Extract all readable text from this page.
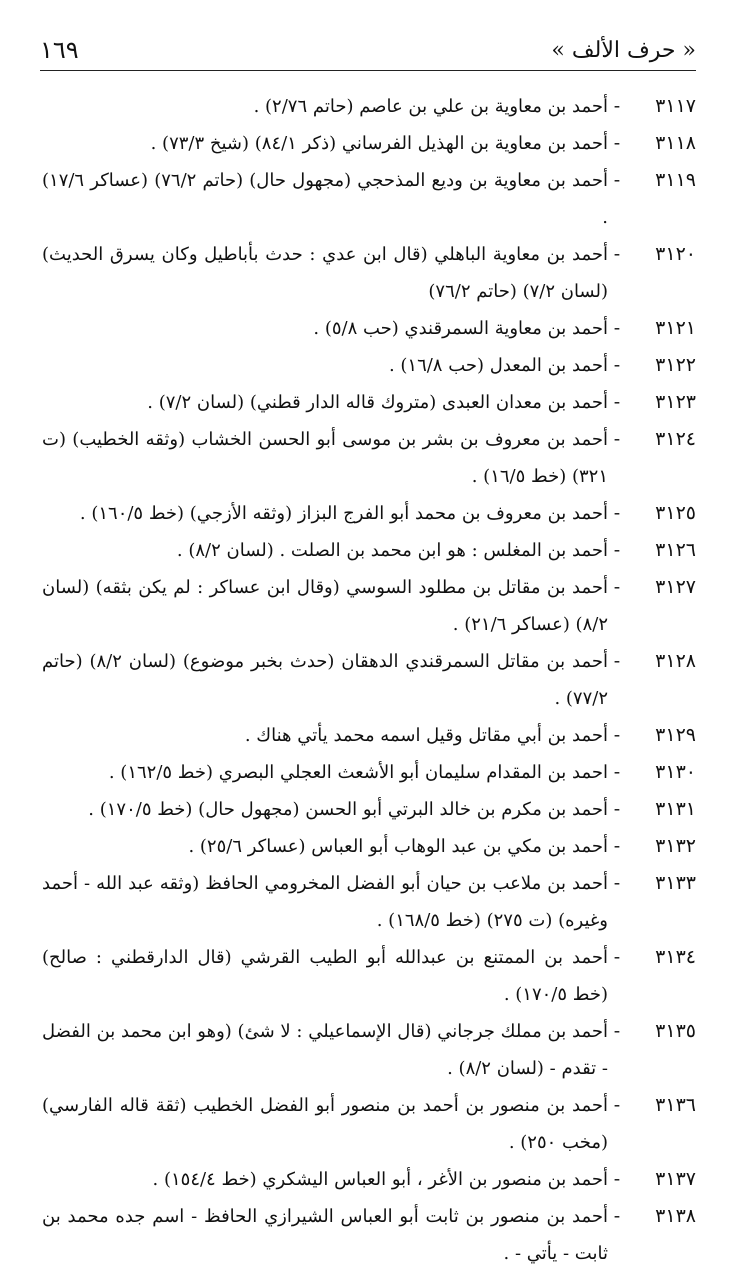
« حرف الألف »
١٦٩
٣١١٧
-
أحمد بن معاوية بن علي بن عاصم (حاتم ٢/٧٦) .
٣١١٨
-
أحمد بن معاوية بن الهذيل الفرساني (ذكر ٨٤/١) (شيخ ٧٣/٣) .
٣١١٩
-
أحمد بن معاوية بن وديع المذحجي (مجهول حال) (حاتم ٧٦/٢) (عساكر ١٧/٦) .
٣١٢٠
-
أحمد بن معاوية الباهلي (قال ابن عدي : حدث بأباطيل وكان يسرق الحديث) (لسان ٧/٢) (حاتم ٧٦/٢)
٣١٢١
-
أحمد بن معاوية السمرقندي (حب ٥/٨) .
٣١٢٢
-
أحمد بن المعدل (حب ١٦/٨) .
٣١٢٣
-
أحمد بن معدان العبدى (متروك قاله الدار قطني) (لسان ٧/٢) .
٣١٢٤
-
أحمد بن معروف بن بشر بن موسى أبو الحسن الخشاب (وثقه الخطيب) (ت ٣٢١) (خط ١٦/٥) .
٣١٢٥
-
أحمد بن معروف بن محمد أبو الفرج البزاز (وثقه الأزجي) (خط ١٦٠/٥) .
٣١٢٦
-
أحمد بن المغلس : هو ابن محمد بن الصلت . (لسان ٨/٢) .
٣١٢٧
-
أحمد بن مقاتل بن مطلود السوسي (وقال ابن عساكر : لم يكن بثقه) (لسان ٨/٢) (عساكر ٢١/٦) .
٣١٢٨
-
أحمد بن مقاتل السمرقندي الدهقان (حدث بخبر موضوع) (لسان ٨/٢) (حاتم ٧٧/٢) .
٣١٢٩
-
أحمد بن أبي مقاتل وقيل اسمه محمد يأتي هناك .
٣١٣٠
-
احمد بن المقدام سليمان أبو الأشعث العجلي البصري (خط ١٦٢/٥) .
٣١٣١
-
أحمد بن مكرم بن خالد البرتي أبو الحسن (مجهول حال) (خط ١٧٠/٥) .
٣١٣٢
-
أحمد بن مكي بن عبد الوهاب أبو العباس (عساكر ٢٥/٦) .
٣١٣٣
-
أحمد بن ملاعب بن حيان أبو الفضل المخرومي الحافظ (وثقه عبد الله - أحمد وغيره) (ت ٢٧٥) (خط ١٦٨/٥) .
٣١٣٤
-
أحمد بن الممتنع بن عبدالله أبو الطيب القرشي (قال الدارقطني : صالح) (خط ١٧٠/٥) .
٣١٣٥
-
أحمد بن مملك جرجاني (قال الإسماعيلي : لا شئ) (وهو ابن محمد بن الفضل - تقدم - (لسان ٨/٢) .
٣١٣٦
-
أحمد بن منصور بن أحمد بن منصور أبو الفضل الخطيب (ثقة قاله الفارسي) (مخب ٢٥٠) .
٣١٣٧
-
أحمد بن منصور بن الأغر ، أبو العباس اليشكري (خط ١٥٤/٤) .
٣١٣٨
-
أحمد بن منصور بن ثابت أبو العباس الشيرازي الحافظ - اسم جده محمد بن ثابت - يأتي - .
